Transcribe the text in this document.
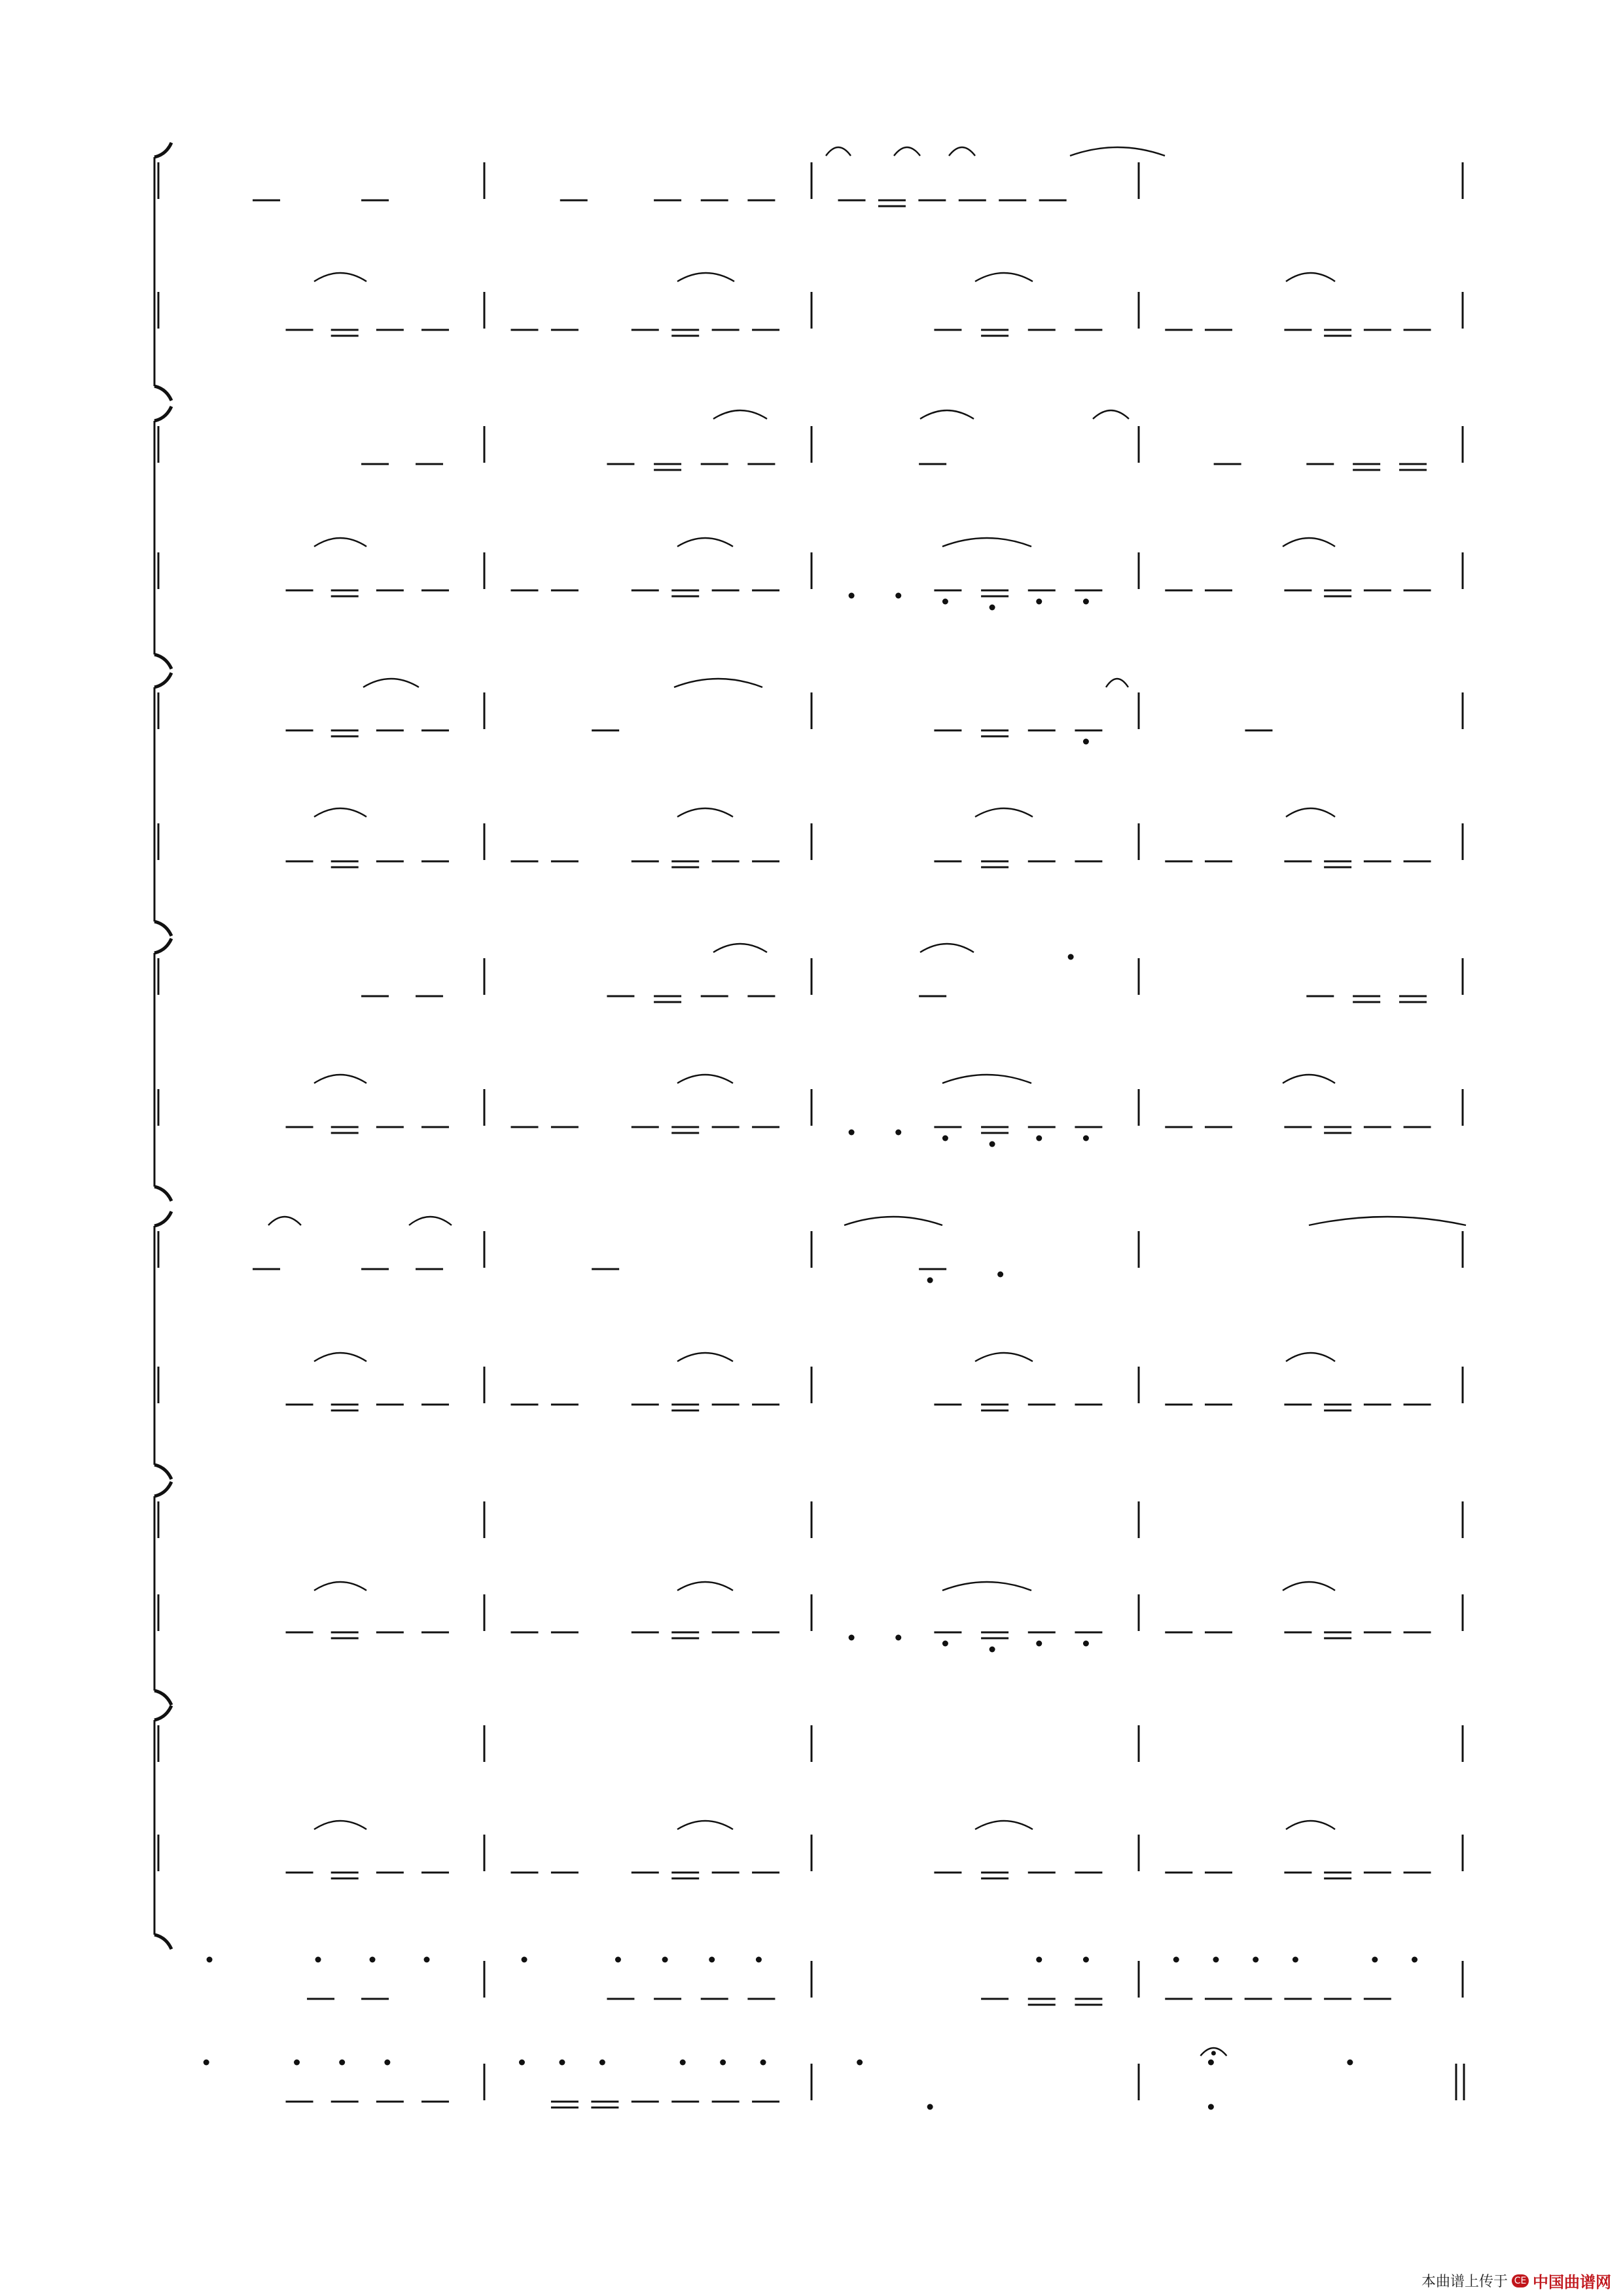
本曲谱上传于 CE 中国曲谱网
